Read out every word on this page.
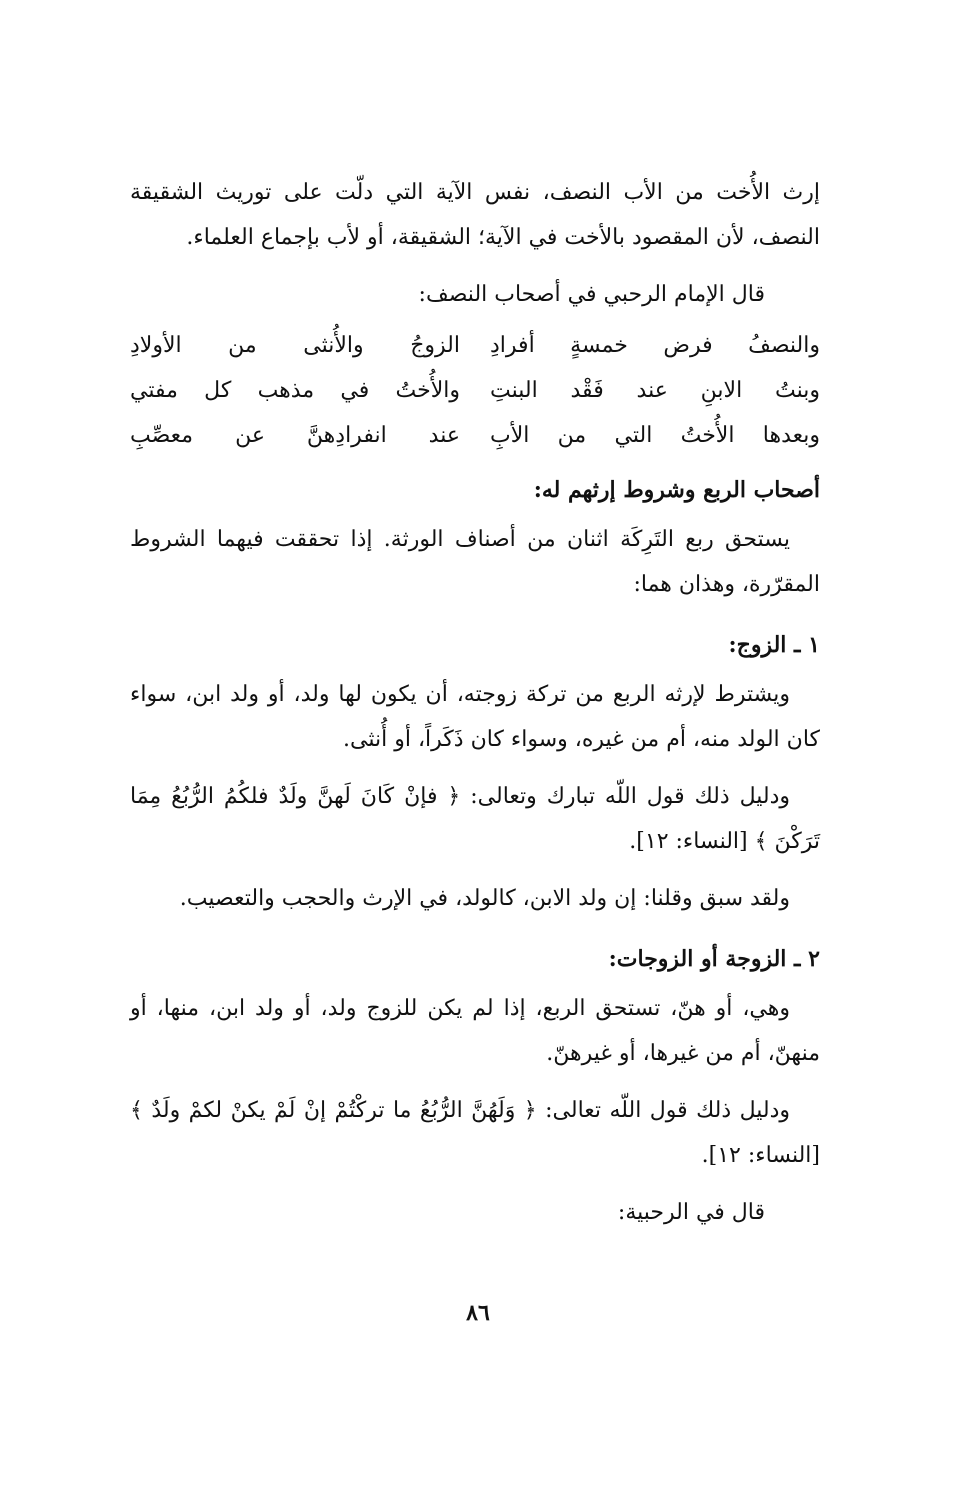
إرث الأُخت من الأب النصف، نفس الآية التي دلّت على توريث الشقيقة النصف، لأن المقصود بالأخت في الآية؛ الشقيقة، أو لأب بإجماع العلماء.

قال الإمام الرحبي في أصحاب النصف:

والنصفُ فرض خمسةٍ أفرادِ
الزوجُ والأُنثى من الأولادِ
وبنتُ الابنِ عند فَقْد البنتِ
والأُختُ في مذهب كل مفتي
وبعدها الأُختُ التي من الأبِ
عند انفرادِهنَّ عن معصِّبِ
أصحاب الربع وشروط إرثهم له:

يستحق ربع التَرِكَة اثنان من أصناف الورثة. إذا تحققت فيهما الشروط المقرّرة، وهذان هما:

١ ـ الزوج:

ويشترط لإرثه الربع من تركة زوجته، أن يكون لها ولد، أو ولد ابن، سواء كان الولد منه، أم من غيره، وسواء كان ذَكَراً، أو أُنثى.

ودليل ذلك قول اللّه تبارك وتعالى: ﴿ فإنْ كَانَ لَهنَّ ولَدٌ فلكُمُ الرُّبُعُ مِمَا تَرَكْنَ ﴾ [النساء: ١٢].

ولقد سبق وقلنا: إن ولد الابن، كالولد، في الإرث والحجب والتعصيب.

٢ ـ الزوجة أو الزوجات:

وهي، أو هنّ، تستحق الربع، إذا لم يكن للزوج ولد، أو ولد ابن، منها، أو منهنّ، أم من غيرها، أو غيرهنّ.

ودليل ذلك قول اللّه تعالى: ﴿ وَلَهُنَّ الرُّبُعُ ما تركْتُمْ إنْ لَمْ يكنْ لكمْ ولَدٌ ﴾ [النساء: ١٢].

قال في الرحبية:

٨٦
